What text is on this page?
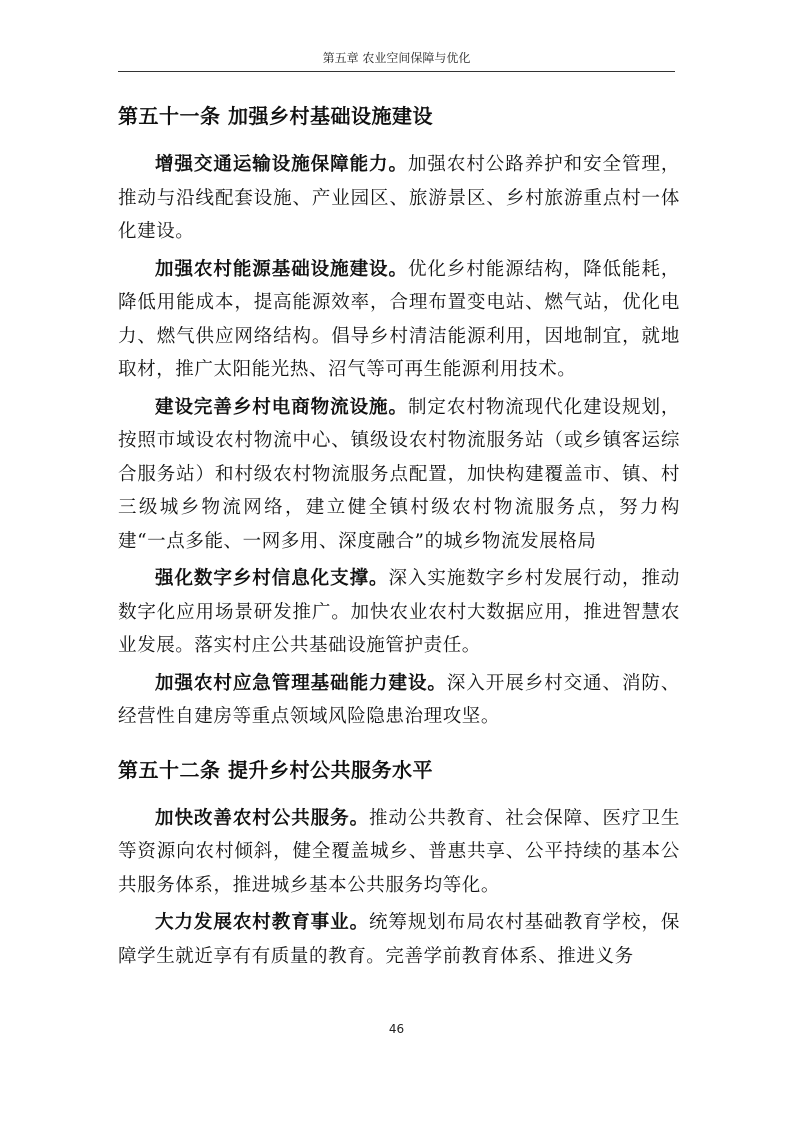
第五章 农业空间保障与优化
第五十一条 加强乡村基础设施建设

增强交通运输设施保障能力。加强农村公路养护和安全管理，推动与沿线配套设施、产业园区、旅游景区、乡村旅游重点村一体化建设。

加强农村能源基础设施建设。优化乡村能源结构，降低能耗，降低用能成本，提高能源效率，合理布置变电站、燃气站，优化电力、燃气供应网络结构。倡导乡村清洁能源利用，因地制宜，就地取材，推广太阳能光热、沼气等可再生能源利用技术。

建设完善乡村电商物流设施。制定农村物流现代化建设规划，按照市域设农村物流中心、镇级设农村物流服务站（或乡镇客运综合服务站）和村级农村物流服务点配置，加快构建覆盖市、镇、村三级城乡物流网络，建立健全镇村级农村物流服务点，努力构建“一点多能、一网多用、深度融合”的城乡物流发展格局

强化数字乡村信息化支撑。深入实施数字乡村发展行动，推动数字化应用场景研发推广。加快农业农村大数据应用，推进智慧农业发展。落实村庄公共基础设施管护责任。

加强农村应急管理基础能力建设。深入开展乡村交通、消防、经营性自建房等重点领域风险隐患治理攻坚。

第五十二条 提升乡村公共服务水平

加快改善农村公共服务。推动公共教育、社会保障、医疗卫生等资源向农村倾斜，健全覆盖城乡、普惠共享、公平持续的基本公共服务体系，推进城乡基本公共服务均等化。

大力发展农村教育事业。统筹规划布局农村基础教育学校，保障学生就近享有有质量的教育。完善学前教育体系、推进义务

46
